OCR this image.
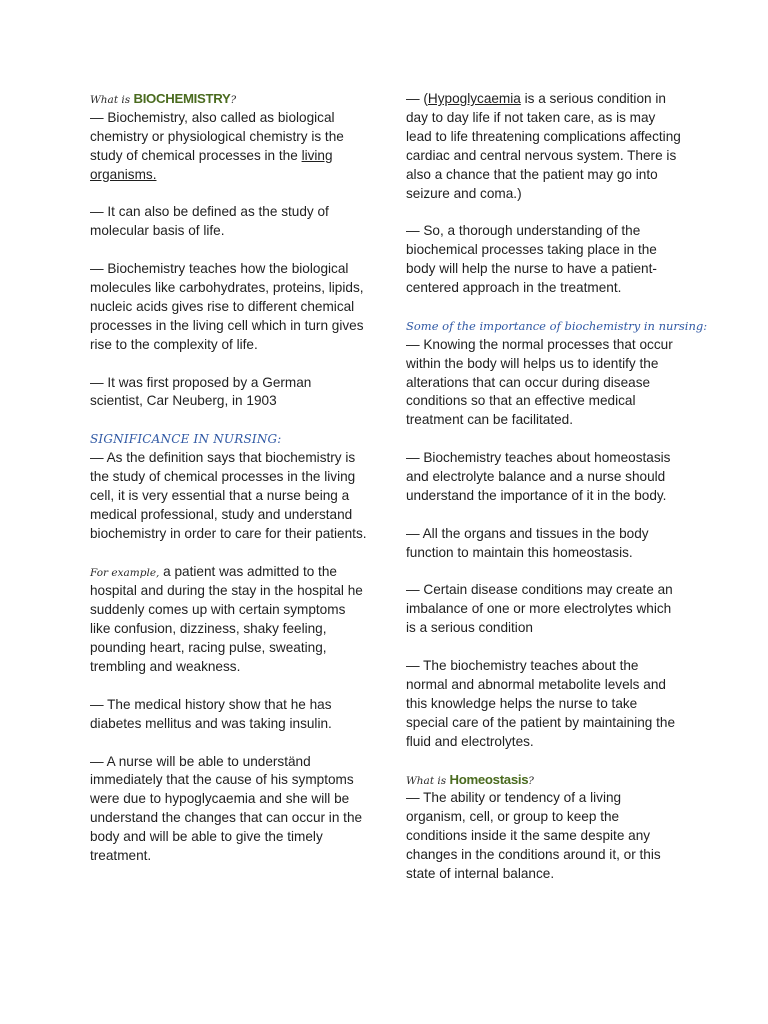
What is BIOCHEMISTRY?

— Biochemistry, also called as biological chemistry or physiological chemistry is the study of chemical processes in the living organisms.

— It can also be defined as the study of molecular basis of life.

— Biochemistry teaches how the biological molecules like carbohydrates, proteins, lipids, nucleic acids gives rise to different chemical processes in the living cell which in turn gives rise to the complexity of life.

— It was first proposed by a German scientist, Car Neuberg, in 1903

SIGNIFICANCE IN NURSING:

— As the definition says that biochemistry is the study of chemical processes in the living cell, it is very essential that a nurse being a medical professional, study and understand biochemistry in order to care for their patients.

For example, a patient was admitted to the hospital and during the stay in the hospital he suddenly comes up with certain symptoms like confusion, dizziness, shaky feeling, pounding heart, racing pulse, sweating, trembling and weakness.

— The medical history show that he has diabetes mellitus and was taking insulin.

— A nurse will be able to underständ immediately that the cause of his symptoms were due to hypoglycaemia and she will be understand the changes that can occur in the body and will be able to give the timely treatment.

— (Hypoglycaemia is a serious condition in day to day life if not taken care, as is may lead to life threatening complications affecting cardiac and central nervous system. There is also a chance that the patient may go into seizure and coma.)

— So, a thorough understanding of the biochemical processes taking place in the body will help the nurse to have a patient-centered approach in the treatment.

Some of the importance of biochemistry in nursing:

— Knowing the normal processes that occur within the body will helps us to identify the alterations that can occur during disease conditions so that an effective medical treatment can be facilitated.

— Biochemistry teaches about homeostasis and electrolyte balance and a nurse should understand the importance of it in the body.

— All the organs and tissues in the body function to maintain this homeostasis.

— Certain disease conditions may create an imbalance of one or more electrolytes which is a serious condition

— The biochemistry teaches about the normal and abnormal metabolite levels and this knowledge helps the nurse to take special care of the patient by maintaining the fluid and electrolytes.

What is Homeostasis?

— The ability or tendency of a living organism, cell, or group to keep the conditions inside it the same despite any changes in the conditions around it, or this state of internal balance.
